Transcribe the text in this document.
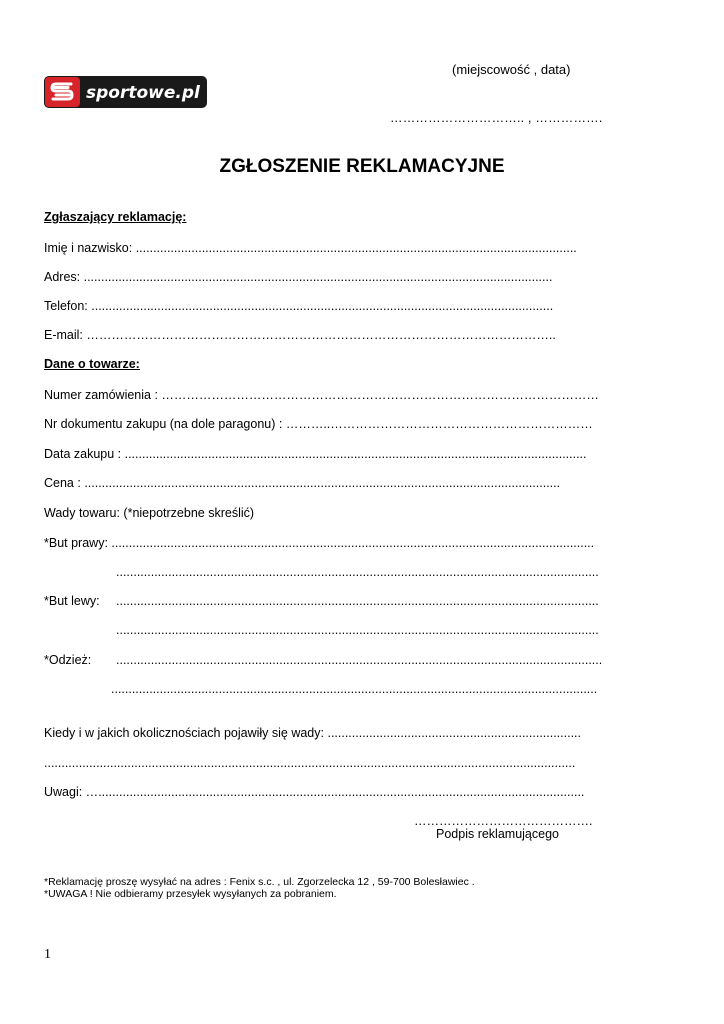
sportowe.pl
(miejscowość , data)
………………………….. , …………….
ZGŁOSZENIE REKLAMACYJNE
Zgłaszający reklamację:
Imię i nazwisko: ...............................................................................................................................
Adres: .......................................................................................................................................
Telefon: .....................................................................................................................................
E-mail: …………………………………………………………………………………………………..
Dane o towarze:
Numer zamówienia : ……………………………………………………………………………………………
Nr dokumentu zakupu (na dole paragonu) : ………..………………………………………………………
Data zakupu : .....................................................................................................................................
Cena : .........................................................................................................................................
Wady towaru: (*niepotrzebne skreślić)
*But prawy: ...........................................................................................................................................
...........................................................................................................................................
*But lewy: ...........................................................................................................................................
...........................................................................................................................................
*Odzież: ............................................................................................................................................
............................................................................................................................................
Kiedy i w jakich okolicznościach pojawiły się wady: .........................................................................
.........................................................................................................................................................
Uwagi: …............................................................................................................................................
…………………………………….
Podpis reklamującego
*Reklamację proszę wysyłać na adres : Fenix s.c. , ul. Zgorzelecka 12 , 59-700 Bolesławiec .
*UWAGA ! Nie odbieramy przesyłek wysyłanych za pobraniem.
1
